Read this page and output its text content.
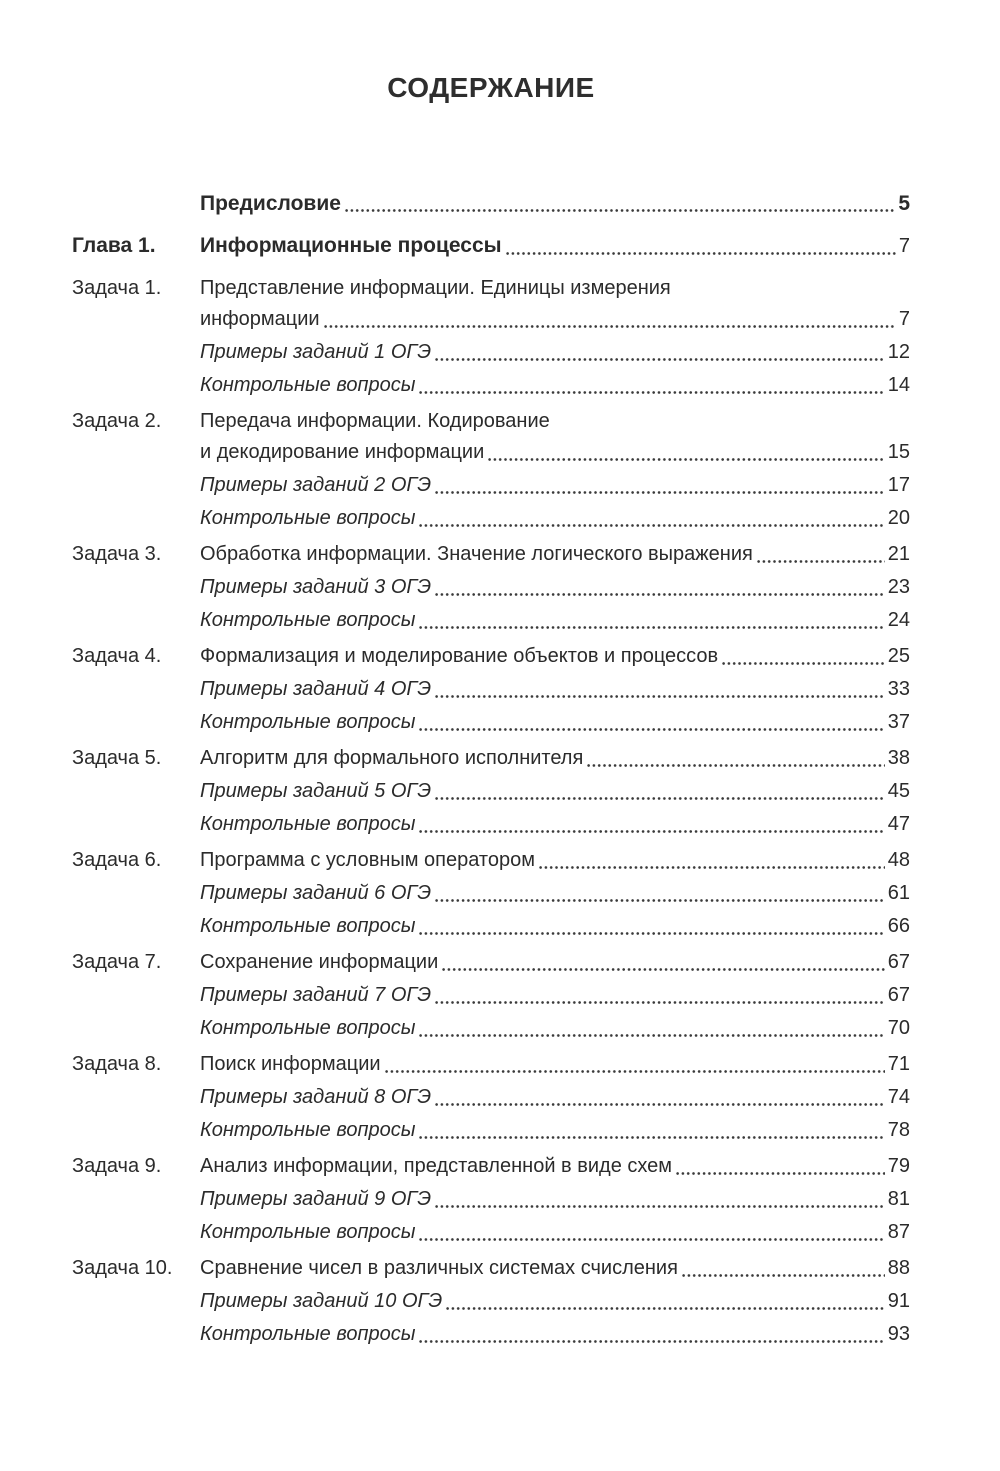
СОДЕРЖАНИЕ
Предисловие	5
Глава 1.	Информационные процессы	7
Задача 1.	Представление информации. Единицы измерения
информации	7
Примеры заданий 1 ОГЭ	12
Контрольные вопросы	14
Задача 2.	Передача информации. Кодирование
и декодирование информации	15
Примеры заданий 2 ОГЭ	17
Контрольные вопросы	20
Задача 3.	Обработка информации. Значение логического выражения	21
Примеры заданий 3 ОГЭ	23
Контрольные вопросы	24
Задача 4.	Формализация и моделирование объектов и процессов	25
Примеры заданий 4 ОГЭ	33
Контрольные вопросы	37
Задача 5.	Алгоритм для формального исполнителя	38
Примеры заданий 5 ОГЭ	45
Контрольные вопросы	47
Задача 6.	Программа с условным оператором	48
Примеры заданий 6 ОГЭ	61
Контрольные вопросы	66
Задача 7.	Сохранение информации	67
Примеры заданий 7 ОГЭ	67
Контрольные вопросы	70
Задача 8.	Поиск информации	71
Примеры заданий 8 ОГЭ	74
Контрольные вопросы	78
Задача 9.	Анализ информации, представленной в виде схем	79
Примеры заданий 9 ОГЭ	81
Контрольные вопросы	87
Задача 10.	Сравнение чисел в различных системах счисления	88
Примеры заданий 10 ОГЭ	91
Контрольные вопросы	93
